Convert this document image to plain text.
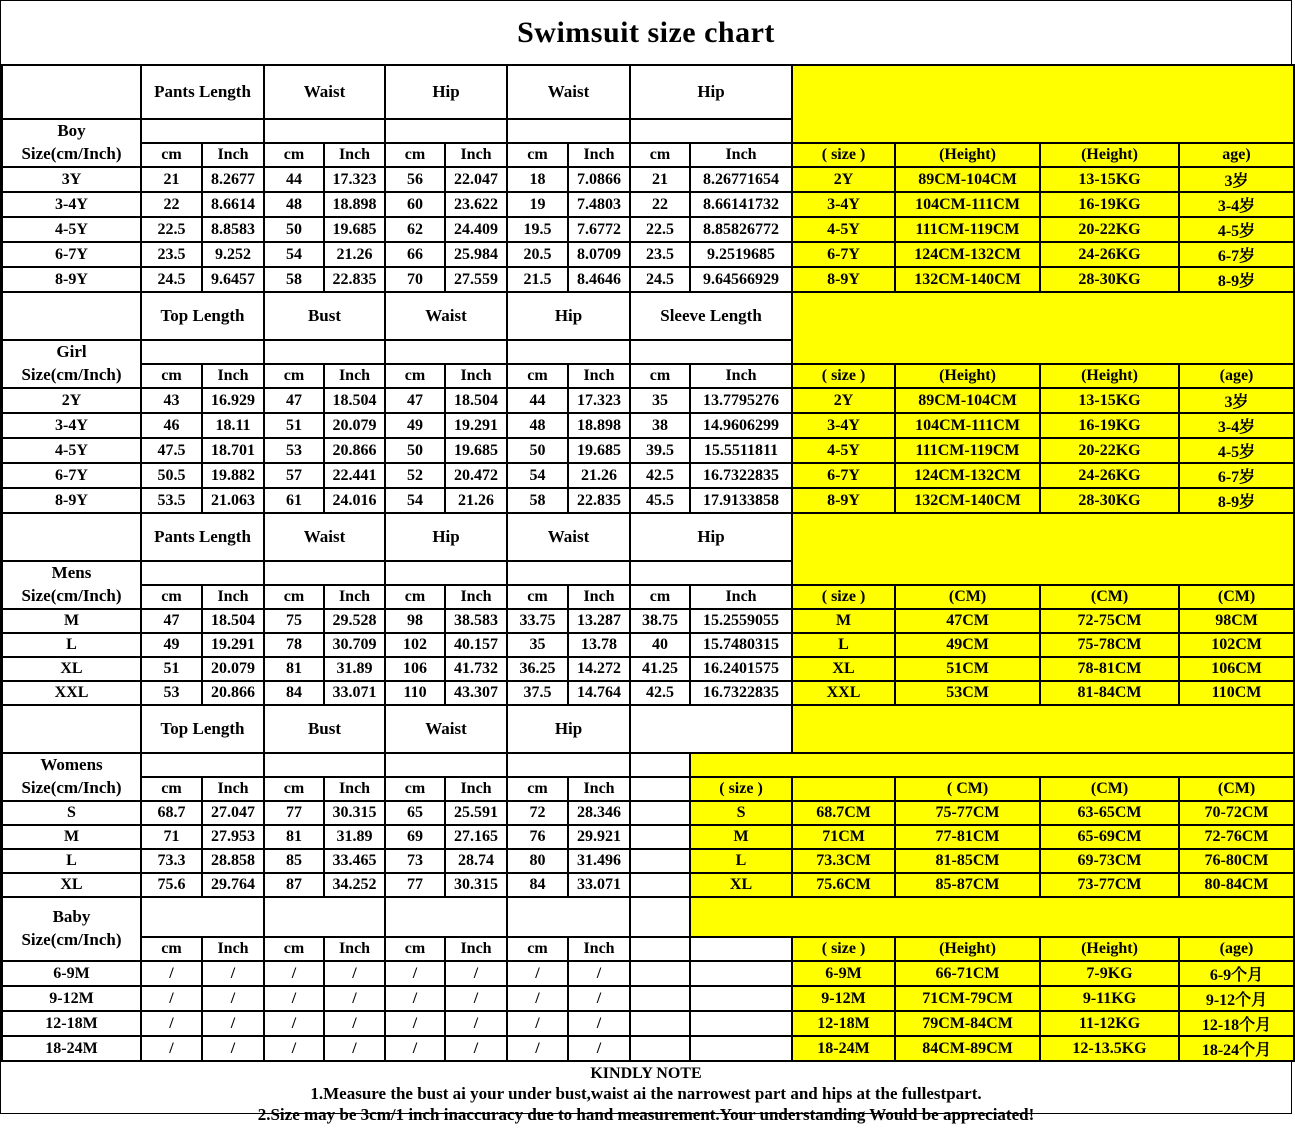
Swimsuit size chart
	Pants Length		Waist		Hip		Waist		Hip					

Boy
Size(cm/Inch)														

	cm	Inch	cm	Inch	cm	Inch	cm	Inch	cm	Inch	( size )	(Height)	(Height)	age)
3Y	21	8.2677	44	17.323	56	22.047	18	7.0866	21	8.26771654	2Y	89CM-104CM	13-15KG	3岁
3-4Y	22	8.6614	48	18.898	60	23.622	19	7.4803	22	8.66141732	3-4Y	104CM-111CM	16-19KG	3-4岁
4-5Y	22.5	8.8583	50	19.685	62	24.409	19.5	7.6772	22.5	8.85826772	4-5Y	111CM-119CM	20-22KG	4-5岁
6-7Y	23.5	9.252	54	21.26	66	25.984	20.5	8.0709	23.5	9.2519685	6-7Y	124CM-132CM	24-26KG	6-7岁
8-9Y	24.5	9.6457	58	22.835	70	27.559	21.5	8.4646	24.5	9.64566929	8-9Y	132CM-140CM	28-30KG	8-9岁
	Top Length		Bust		Waist		Hip		Sleeve Length					

Girl
Size(cm/Inch)														

	cm	Inch	cm	Inch	cm	Inch	cm	Inch	cm	Inch	( size )	(Height)	(Height)	(age)
2Y	43	16.929	47	18.504	47	18.504	44	17.323	35	13.7795276	2Y	89CM-104CM	13-15KG	3岁
3-4Y	46	18.11	51	20.079	49	19.291	48	18.898	38	14.9606299	3-4Y	104CM-111CM	16-19KG	3-4岁
4-5Y	47.5	18.701	53	20.866	50	19.685	50	19.685	39.5	15.5511811	4-5Y	111CM-119CM	20-22KG	4-5岁
6-7Y	50.5	19.882	57	22.441	52	20.472	54	21.26	42.5	16.7322835	6-7Y	124CM-132CM	24-26KG	6-7岁
8-9Y	53.5	21.063	61	24.016	54	21.26	58	22.835	45.5	17.9133858	8-9Y	132CM-140CM	28-30KG	8-9岁
	Pants Length		Waist		Hip		Waist		Hip					

Mens
Size(cm/Inch)														

	cm	Inch	cm	Inch	cm	Inch	cm	Inch	cm	Inch	( size )	(CM)	(CM)	(CM)
M	47	18.504	75	29.528	98	38.583	33.75	13.287	38.75	15.2559055	M	47CM	72-75CM	98CM
L	49	19.291	78	30.709	102	40.157	35	13.78	40	15.7480315	L	49CM	75-78CM	102CM
XL	51	20.079	81	31.89	106	41.732	36.25	14.272	41.25	16.2401575	XL	51CM	78-81CM	106CM
XXL	53	20.866	84	33.071	110	43.307	37.5	14.764	42.5	16.7322835	XXL	53CM	81-84CM	110CM
	Top Length		Bust		Waist		Hip							

Womens
Size(cm/Inch)														

	cm	Inch	cm	Inch	cm	Inch	cm	Inch		( size )		( CM)	(CM)	(CM)
S	68.7	27.047	77	30.315	65	25.591	72	28.346		S	68.7CM	75-77CM	63-65CM	70-72CM
M	71	27.953	81	31.89	69	27.165	76	29.921		M	71CM	77-81CM	65-69CM	72-76CM
L	73.3	28.858	85	33.465	73	28.74	80	31.496		L	73.3CM	81-85CM	69-73CM	76-80CM
XL	75.6	29.764	87	34.252	77	30.315	84	33.071		XL	75.6CM	85-87CM	73-77CM	80-84CM

Baby
Size(cm/Inch)														

	cm	Inch	cm	Inch	cm	Inch	cm	Inch			( size )	(Height)	(Height)	(age)
6-9M	/	/	/	/	/	/	/	/			6-9M	66-71CM	7-9KG	6-9个月
9-12M	/	/	/	/	/	/	/	/			9-12M	71CM-79CM	9-11KG	9-12个月
12-18M	/	/	/	/	/	/	/	/			12-18M	79CM-84CM	11-12KG	12-18个月
18-24M	/	/	/	/	/	/	/	/			18-24M	84CM-89CM	12-13.5KG	18-24个月
KINDLY NOTE
1.Measure the bust ai your under bust,waist ai the narrowest part and hips at the fullestpart.
2.Size may be 3cm/1 inch inaccuracy due to hand measurement.Your understanding Would be appreciated!
